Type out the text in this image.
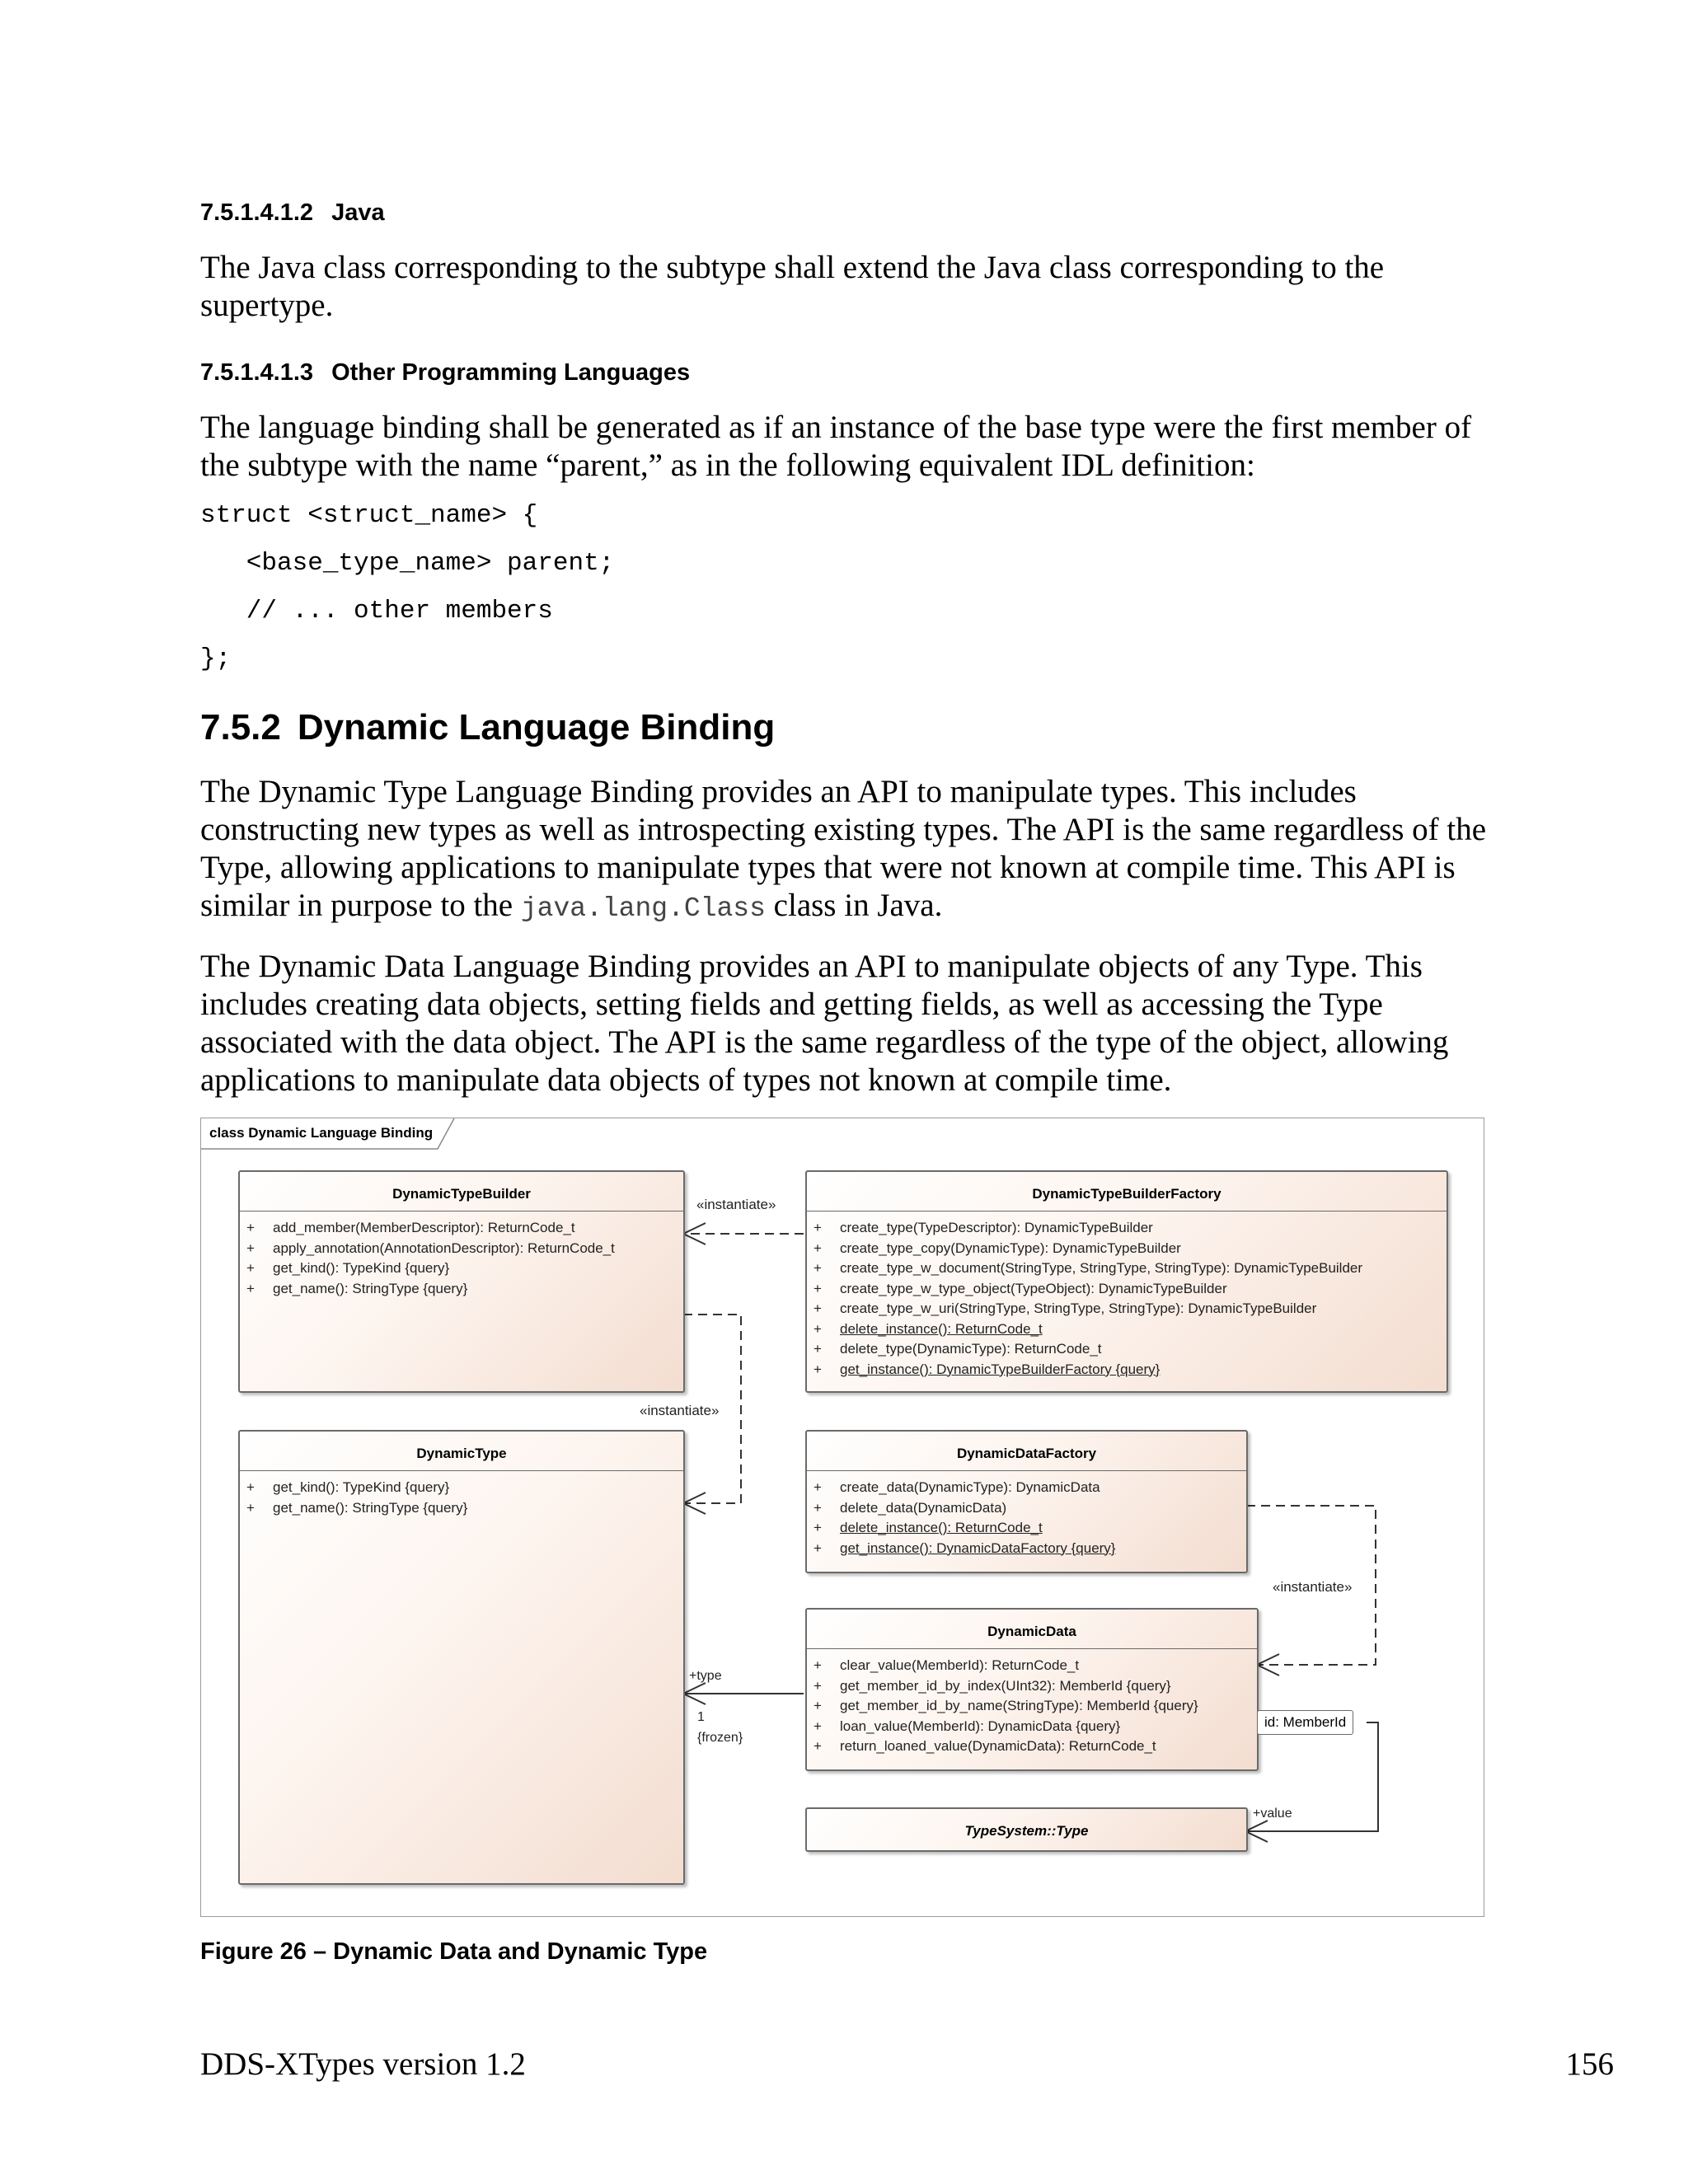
7.5.1.4.1.2 Java
The Java class corresponding to the subtype shall extend the Java class corresponding to the supertype.
7.5.1.4.1.3 Other Programming Languages
The language binding shall be generated as if an instance of the base type were the first member of the subtype with the name “parent,” as in the following equivalent IDL definition:
struct <struct_name> {
<base_type_name> parent;
// ... other members
};
7.5.2 Dynamic Language Binding
The Dynamic Type Language Binding provides an API to manipulate types. This includes constructing new types as well as introspecting existing types. The API is the same regardless of the Type, allowing applications to manipulate types that were not known at compile time. This API is similar in purpose to the java.lang.Class class in Java.
The Dynamic Data Language Binding provides an API to manipulate objects of any Type. This includes creating data objects, setting fields and getting fields, as well as accessing the Type associated with the data object. The API is the same regardless of the type of the object, allowing applications to manipulate data objects of types not known at compile time.
class Dynamic Language Binding
DynamicTypeBuilder
+ add_member(MemberDescriptor): ReturnCode_t
+ apply_annotation(AnnotationDescriptor): ReturnCode_t
+ get_kind(): TypeKind {query}
+ get_name(): StringType {query}
DynamicTypeBuilderFactory
+ create_type(TypeDescriptor): DynamicTypeBuilder
+ create_type_copy(DynamicType): DynamicTypeBuilder
+ create_type_w_document(StringType, StringType, StringType): DynamicTypeBuilder
+ create_type_w_type_object(TypeObject): DynamicTypeBuilder
+ create_type_w_uri(StringType, StringType, StringType): DynamicTypeBuilder
+ delete_instance(): ReturnCode_t
+ delete_type(DynamicType): ReturnCode_t
+ get_instance(): DynamicTypeBuilderFactory {query}
DynamicType
+ get_kind(): TypeKind {query}
+ get_name(): StringType {query}
DynamicDataFactory
+ create_data(DynamicType): DynamicData
+ delete_data(DynamicData)
+ delete_instance(): ReturnCode_t
+ get_instance(): DynamicDataFactory {query}
DynamicData
+ clear_value(MemberId): ReturnCode_t
+ get_member_id_by_index(UInt32): MemberId {query}
+ get_member_id_by_name(StringType): MemberId {query}
+ loan_value(MemberId): DynamicData {query}
+ return_loaned_value(DynamicData): ReturnCode_t
TypeSystem::Type
id: MemberId
«instantiate»
«instantiate»
«instantiate»
+type
1
{frozen}
+value
Figure 26 – Dynamic Data and Dynamic Type
DDS-XTypes version 1.2	156
